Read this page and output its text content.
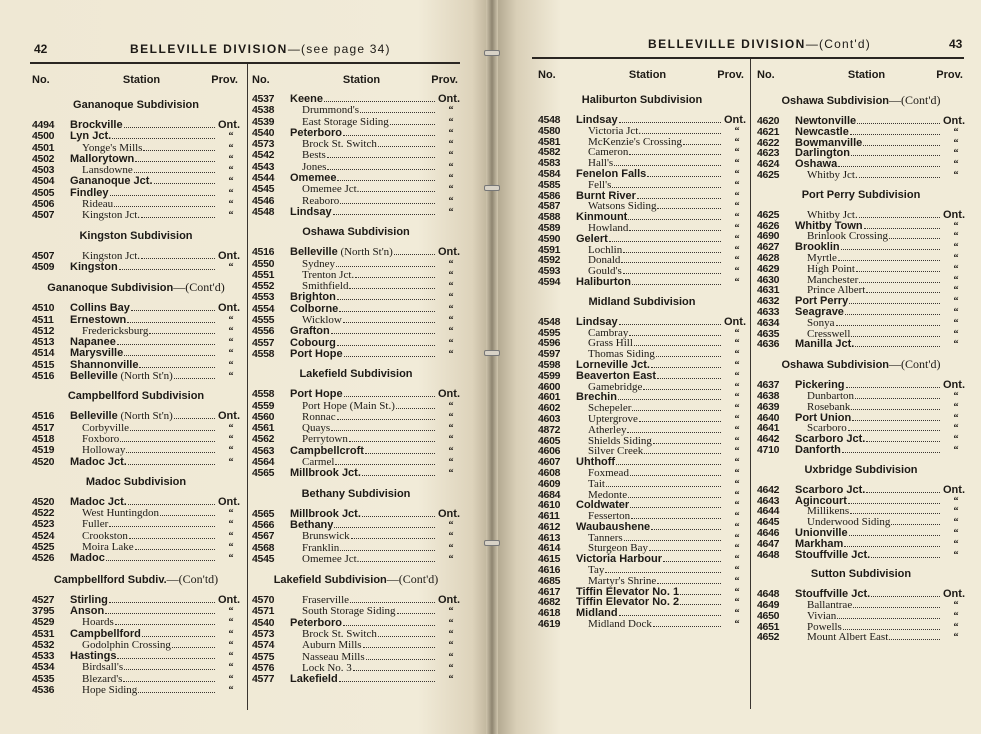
42	BELLEVILLE DIVISION—(see page 34)
No.	Station	Prov.
Gananoque Subdivision
4494	Brockville	Ont.
4500	Lyn Jct.	“
4501	Yonge's Mills	“
4502	Mallorytown	“
4503	Lansdowne	“
4504	Gananoque Jct.	“
4505	Findley	“
4506	Rideau	“
4507	Kingston Jct.	“
Kingston Subdivision
4507	Kingston Jct.	Ont.
4509	Kingston	“
Gananoque Subdivision—(Cont'd)
4510	Collins Bay	Ont.
4511	Ernestown	“
4512	Fredericksburg	“
4513	Napanee	“
4514	Marysville	“
4515	Shannonville	“
4516	Belleville (North St'n)	“
Campbellford Subdivision
4516	Belleville (North St'n)	Ont.
4517	Corbyville	“
4518	Foxboro	“
4519	Holloway	“
4520	Madoc Jct.	“
Madoc Subdivision
4520	Madoc Jct.	Ont.
4522	West Huntingdon	“
4523	Fuller	“
4524	Crookston	“
4525	Moira Lake	“
4526	Madoc	“
Campbellford Subdiv.—(Con'td)
4527	Stirling	Ont.
3795	Anson	“
4529	Hoards	“
4531	Campbellford	“
4532	Godolphin Crossing	“
4533	Hastings	“
4534	Birdsall's	“
4535	Blezard's	“
4536	Hope Siding	“
No.	Station	Prov.
4537	Keene	Ont.
4538	Drummond's	“
4539	East Storage Siding	“
4540	Peterboro	“
4573	Brock St. Switch	“
4542	Bests	“
4543	Jones	“
4544	Omemee	“
4545	Omemee Jct.	“
4546	Reaboro	“
4548	Lindsay	“
Oshawa Subdivision
4516	Belleville (North St'n)	Ont.
4550	Sydney	“
4551	Trenton Jct.	“
4552	Smithfield	“
4553	Brighton	“
4554	Colborne	“
4555	Wicklow	“
4556	Grafton	“
4557	Cobourg	“
4558	Port Hope	“
Lakefield Subdivision
4558	Port Hope	Ont.
4559	Port Hope (Main St.)	“
4560	Ronnac	“
4561	Quays	“
4562	Perrytown	“
4563	Campbellcroft	“
4564	Carmel	“
4565	Millbrook Jct.	“
Bethany Subdivision
4565	Millbrook Jct.	Ont.
4566	Bethany	“
4567	Brunswick	“
4568	Franklin	“
4545	Omemee Jct.	“
Lakefield Subdivision—(Cont'd)
4570	Fraserville	Ont.
4571	South Storage Siding	“
4540	Peterboro	“
4573	Brock St. Switch	“
4574	Auburn Mills	“
4575	Nasseau Mills	“
4576	Lock No. 3	“
4577	Lakefield	“
BELLEVILLE DIVISION—(Cont'd)	43
No.	Station	Prov.
Haliburton Subdivision
4548	Lindsay	Ont.
4580	Victoria Jct.	“
4581	McKenzie's Crossing	“
4582	Cameron	“
4583	Hall's	“
4584	Fenelon Falls	“
4585	Fell's	“
4586	Burnt River	“
4587	Watsons Siding	“
4588	Kinmount	“
4589	Howland	“
4590	Gelert	“
4591	Lochlin	“
4592	Donald	“
4593	Gould's	“
4594	Haliburton	“
Midland Subdivision
4548	Lindsay	Ont.
4595	Cambray	“
4596	Grass Hill	“
4597	Thomas Siding	“
4598	Lorneville Jct.	“
4599	Beaverton East	“
4600	Gamebridge	“
4601	Brechin	“
4602	Schepeler	“
4603	Uptergrove	“
4872	Atherley	“
4605	Shields Siding	“
4606	Silver Creek	“
4607	Uhthoff	“
4608	Foxmead	“
4609	Tait	“
4684	Medonte	“
4610	Coldwater	“
4611	Fesserton	“
4612	Waubaushene	“
4613	Tanners	“
4614	Sturgeon Bay	“
4615	Victoria Harbour	“
4616	Tay	“
4685	Martyr's Shrine	“
4617	Tiffin Elevator No. 1	“
4682	Tiffin Elevator No. 2	“
4618	Midland	“
4619	Midland Dock	“
No.	Station	Prov.
Oshawa Subdivision—(Cont'd)
4620	Newtonville	Ont.
4621	Newcastle	“
4622	Bowmanville	“
4623	Darlington	“
4624	Oshawa	“
4625	Whitby Jct.	“
Port Perry Subdivision
4625	Whitby Jct.	Ont.
4626	Whitby Town	“
4690	Brinlook Crossing	“
4627	Brooklin	“
4628	Myrtle	“
4629	High Point	“
4630	Manchester	“
4631	Prince Albert	“
4632	Port Perry	“
4633	Seagrave	“
4634	Sonya	“
4635	Cresswell	“
4636	Manilla Jct.	“
Oshawa Subdivision—(Cont'd)
4637	Pickering	Ont.
4638	Dunbarton	“
4639	Rosebank	“
4640	Port Union	“
4641	Scarboro	“
4642	Scarboro Jct.	“
4710	Danforth	“
Uxbridge Subdivision
4642	Scarboro Jct.	Ont.
4643	Agincourt	“
4644	Millikens	“
4645	Underwood Siding	“
4646	Unionville	“
4647	Markham	“
4648	Stouffville Jct.	“
Sutton Subdivision
4648	Stouffville Jct.	Ont.
4649	Ballantrae	“
4650	Vivian	“
4651	Powells	“
4652	Mount Albert East	“
